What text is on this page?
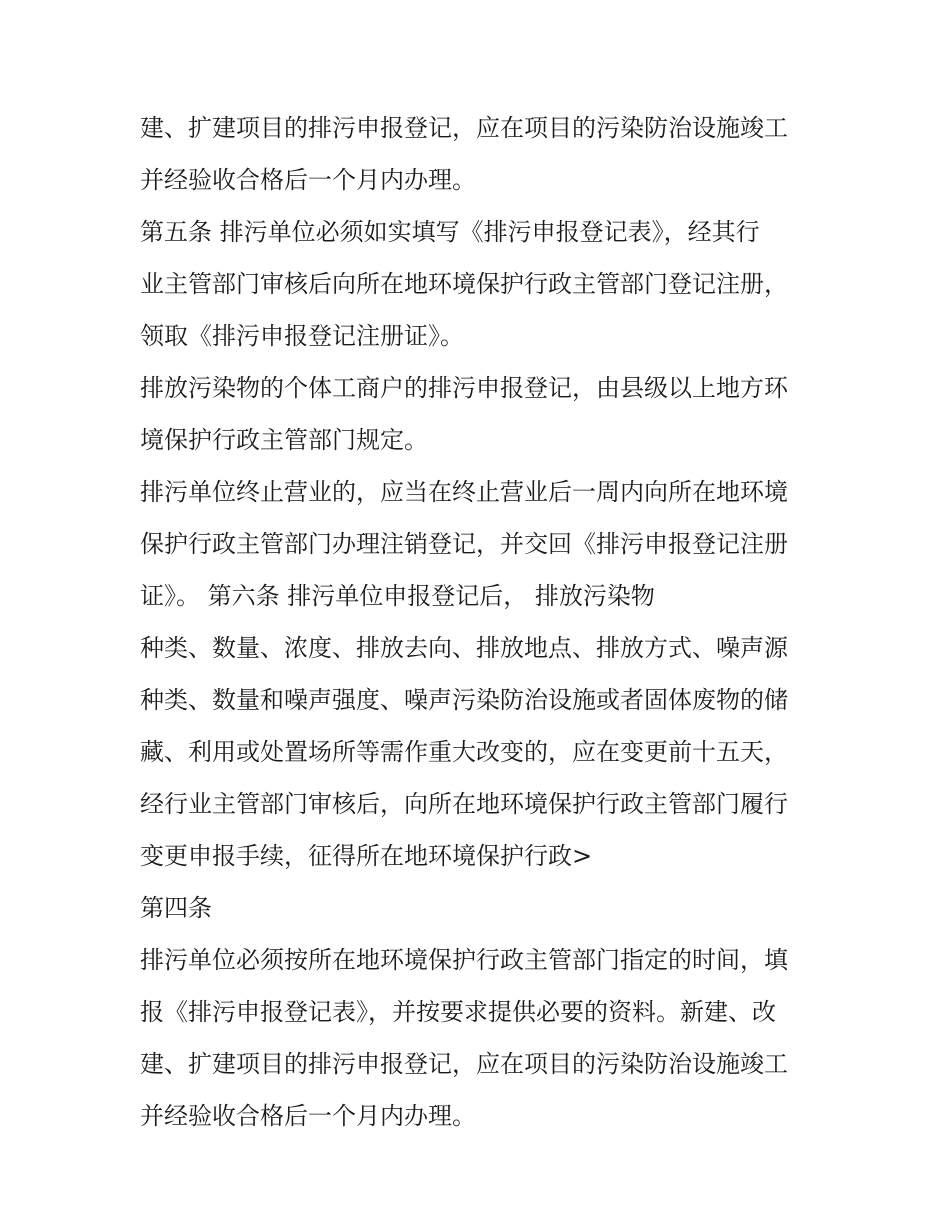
建、扩建项目的排污申报登记，应在项目的污染防治设施竣工
并经验收合格后一个月内办理。
第五条 排污单位必须如实填写《排污申报登记表》，经其行
业主管部门审核后向所在地环境保护行政主管部门登记注册，
领取《排污申报登记注册证》。
排放污染物的个体工商户的排污申报登记，由县级以上地方环
境保护行政主管部门规定。
排污单位终止营业的，应当在终止营业后一周内向所在地环境
保护行政主管部门办理注销登记，并交回《排污申报登记注册
证》。 第六条 排污单位申报登记后， 排放污染物
种类、数量、浓度、排放去向、排放地点、排放方式、噪声源
种类、数量和噪声强度、噪声污染防治设施或者固体废物的储
藏、利用或处置场所等需作重大改变的，应在变更前十五天，
经行业主管部门审核后，向所在地环境保护行政主管部门履行
变更申报手续，征得所在地环境保护行政>
第四条
排污单位必须按所在地环境保护行政主管部门指定的时间，填
报《排污申报登记表》，并按要求提供必要的资料。新建、改
建、扩建项目的排污申报登记，应在项目的污染防治设施竣工
并经验收合格后一个月内办理。
